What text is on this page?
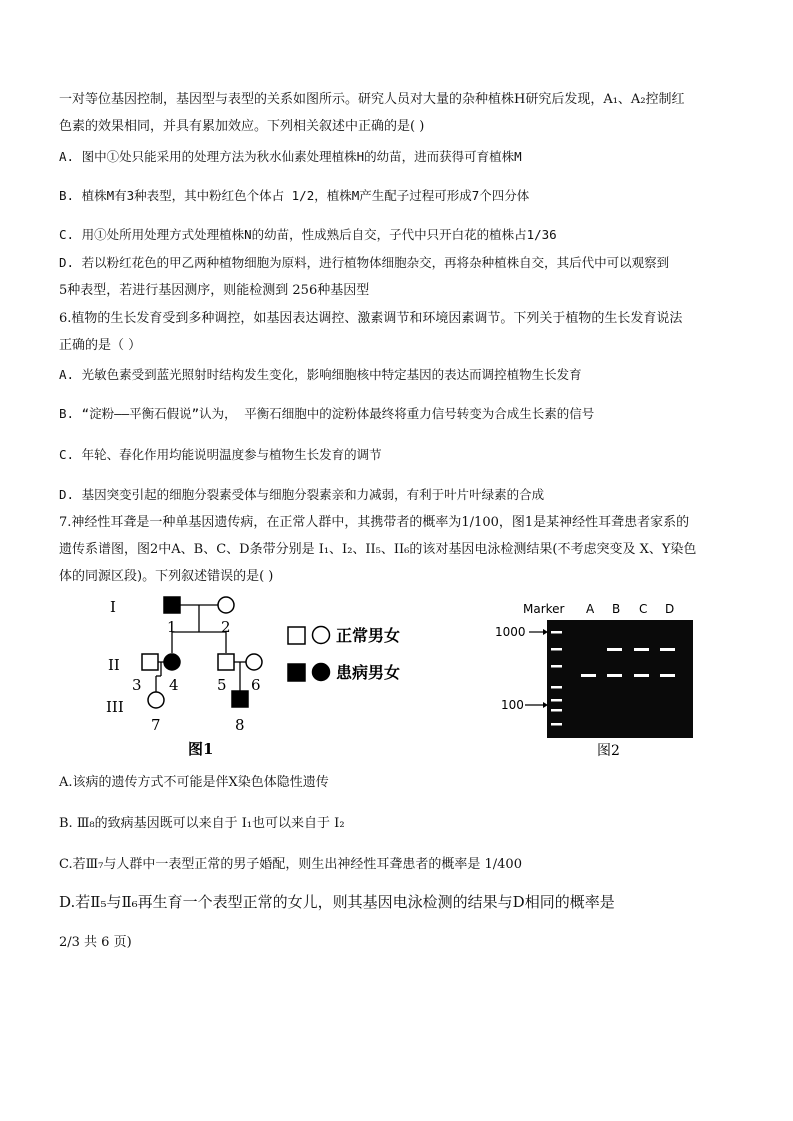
一对等位基因控制，基因型与表型的关系如图所示。研究人员对大量的杂种植株H研究后发现，A₁、A₂控制红
色素的效果相同，并具有累加效应。下列相关叙述中正确的是( )
A. 图中①处只能采用的处理方法为秋水仙素处理植株H的幼苗，进而获得可育植株M
B. 植株M有3种表型，其中粉红色个体占 1/2，植株M产生配子过程可形成7个四分体
C. 用①处所用处理方式处理植株N的幼苗，性成熟后自交，子代中只开白花的植株占1/36
D. 若以粉红花色的甲乙两种植物细胞为原料，进行植物体细胞杂交，再将杂种植株自交，其后代中可以观察到
5种表型，若进行基因测序，则能检测到 256种基因型
6.植物的生长发育受到多种调控，如基因表达调控、激素调节和环境因素调节。下列关于植物的生长发育说法
正确的是（ ）
A. 光敏色素受到蓝光照射时结构发生变化，影响细胞核中特定基因的表达而调控植物生长发育
B. “淀粉——平衡石假说”认为， 平衡石细胞中的淀粉体最终将重力信号转变为合成生长素的信号
C. 年轮、春化作用均能说明温度参与植物生长发育的调节
D. 基因突变引起的细胞分裂素受体与细胞分裂素亲和力减弱，有利于叶片叶绿素的合成
7.神经性耳聋是一种单基因遗传病，在正常人群中，其携带者的概率为1/100，图1是某神经性耳聋患者家系的
遗传系谱图，图2中A、B、C、D条带分别是 I₁、I₂、II₅、II₆的该对基因电泳检测结果(不考虑突变及 X、Y染色
体的同源区段)。下列叙述错误的是( )
I
II
III
1	2
3 4	5 6
7	8
正常男女
患病男女
图1
Marker A B C D
1000
100
图2
A.该病的遗传方式不可能是伴X染色体隐性遗传
B. Ⅲ₈的致病基因既可以来自于 I₁也可以来自于 I₂
C.若Ⅲ₇与人群中一表型正常的男子婚配，则生出神经性耳聋患者的概率是 1/400
D.若Ⅱ₅与Ⅱ₆再生育一个表型正常的女儿，则其基因电泳检测的结果与D相同的概率是
2/3 共 6 页)
